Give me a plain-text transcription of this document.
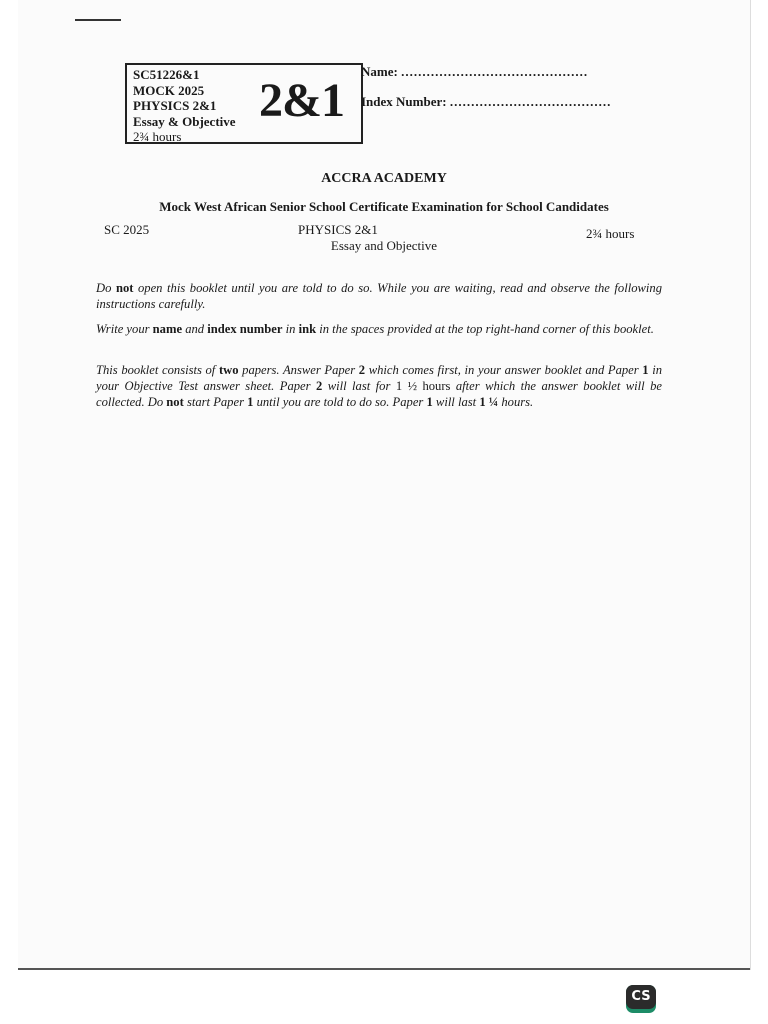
SC51226&1
MOCK 2025
PHYSICS 2&1
Essay & Objective
2¾ hours
2&1
Name: ............................................
Index Number: ......................................
ACCRA ACADEMY
Mock West African Senior School Certificate Examination for School Candidates
SC 2025	PHYSICS 2&1	2¾ hours
Essay and Objective
Do not open this booklet until you are told to do so. While you are waiting, read and observe the following instructions carefully.
Write your name and index number in ink in the spaces provided at the top right-hand corner of this booklet.
This booklet consists of two papers. Answer Paper 2 which comes first, in your answer booklet and Paper 1 in your Objective Test answer sheet. Paper 2 will last for 1 ½ hours after which the answer booklet will be collected. Do not start Paper 1 until you are told to do so. Paper 1 will last 1 ¼ hours.
CS
